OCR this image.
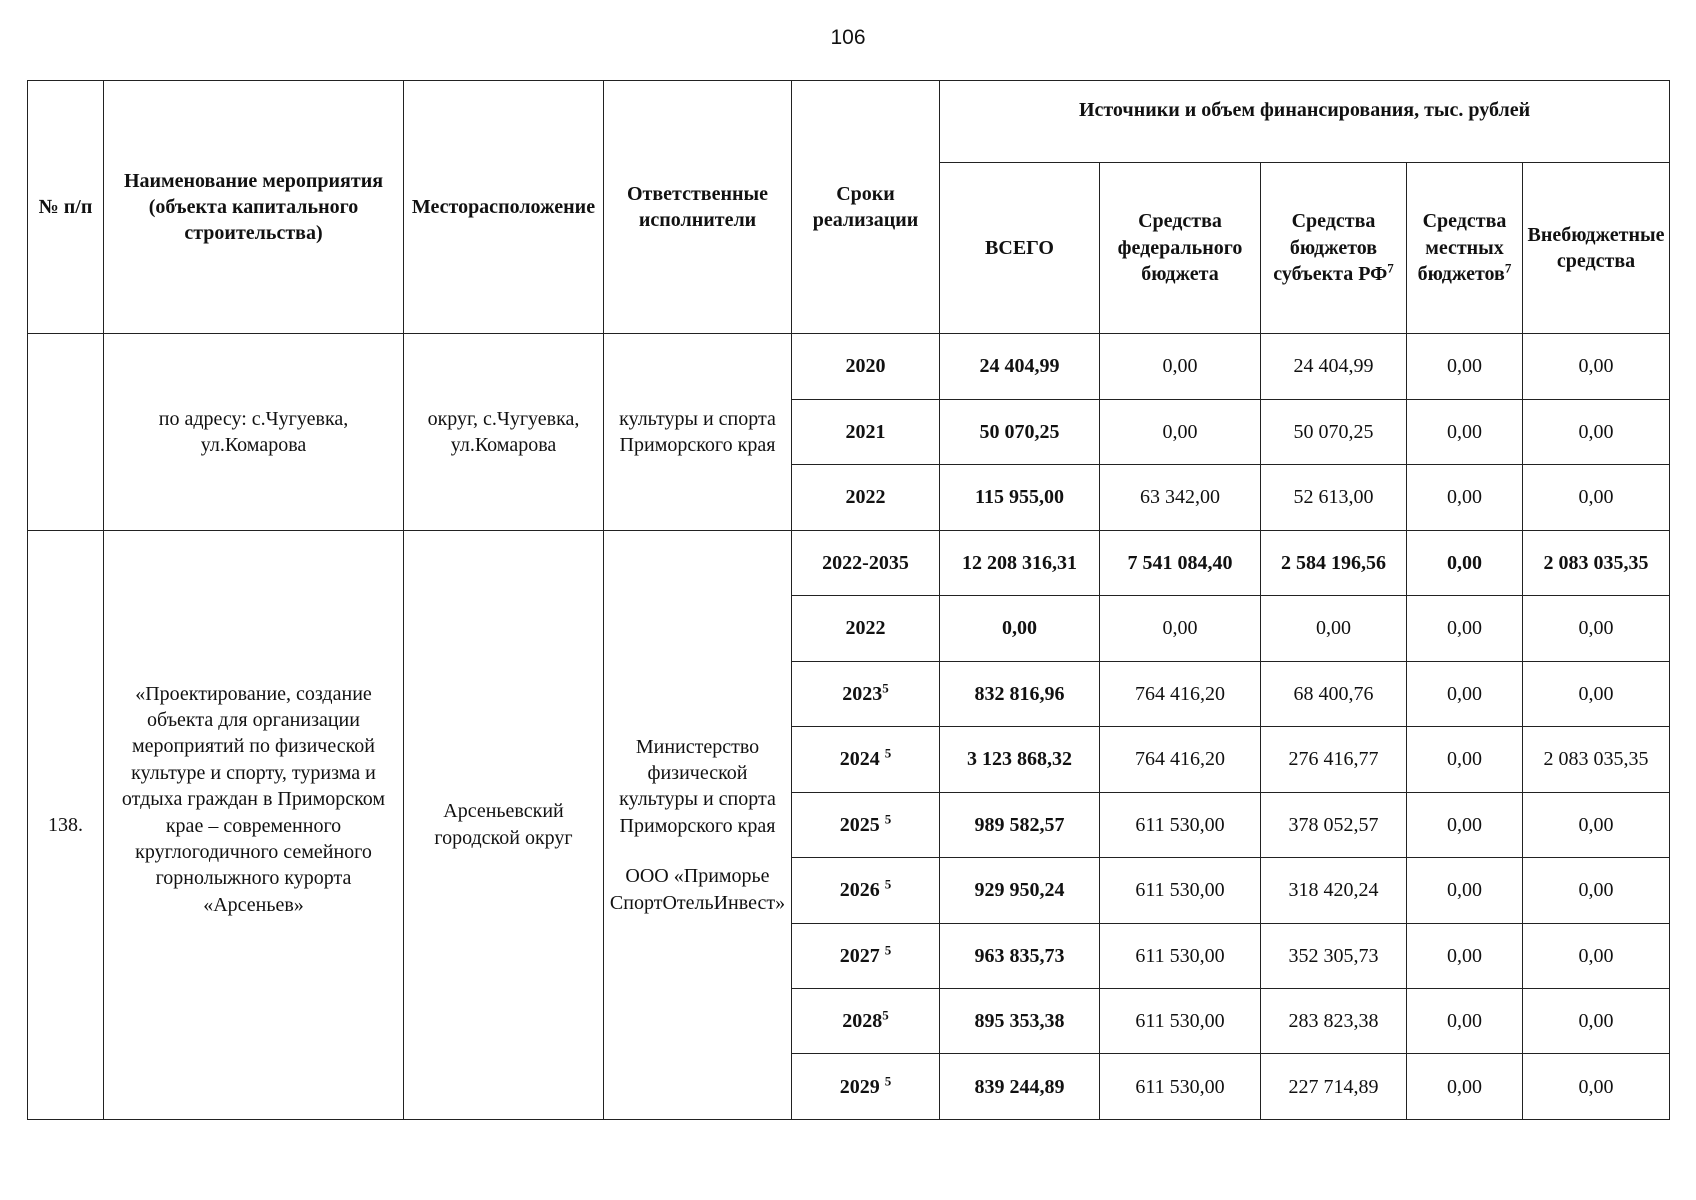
106
№ п/п	Наименование мероприятия (объекта капитального строительства)	Месторасположение	Ответственные исполнители	Сроки реализации	Источники и объем финансирования, тыс. рублей				
					ВСЕГО	Средства федерального бюджета	Средства бюджетов субъекта $РФ^7$	Средства местных бюджетов$^7$	Внебюджетные средства
	по адресу: с.Чугуевка, ул.Комарова	округ, с.Чугуевка, ул.Комарова	культуры и спорта Приморского края	2020	24 404,99	0,00	24 404,99	0,00	0,00
				2021	50 070,25	0,00	50 070,25	0,00	0,00
				2022	115 955,00	63 342,00	52 613,00	0,00	0,00
138.	«Проектирование, создание объекта для организации мероприятий по физической культуре и спорту, туризма и отдыха граждан в Приморском крае – современного круглогодичного семейного горнолыжного курорта «Арсеньев»	Арсеньевский городской округ	Министерство физической культуры и спорта Приморского края
ООО «Приморье СпортОтельИнвест»	2022-2035	12 208 316,31	7 541 084,40	2 584 196,56	0,00	2 083 035,35
				2022	0,00	0,00	0,00	0,00	0,00
				2023$^5$	832 816,96	764 416,20	68 400,76	0,00	0,00
				2024 $^5$	3 123 868,32	764 416,20	276 416,77	0,00	2 083 035,35
				2025 $^5$	989 582,57	611 530,00	378 052,57	0,00	0,00
				2026 $^5$	929 950,24	611 530,00	318 420,24	0,00	0,00
				2027 $^5$	963 835,73	611 530,00	352 305,73	0,00	0,00
				2028$^5$	895 353,38	611 530,00	283 823,38	0,00	0,00
				2029 $^5$	839 244,89	611 530,00	227 714,89	0,00	0,00
